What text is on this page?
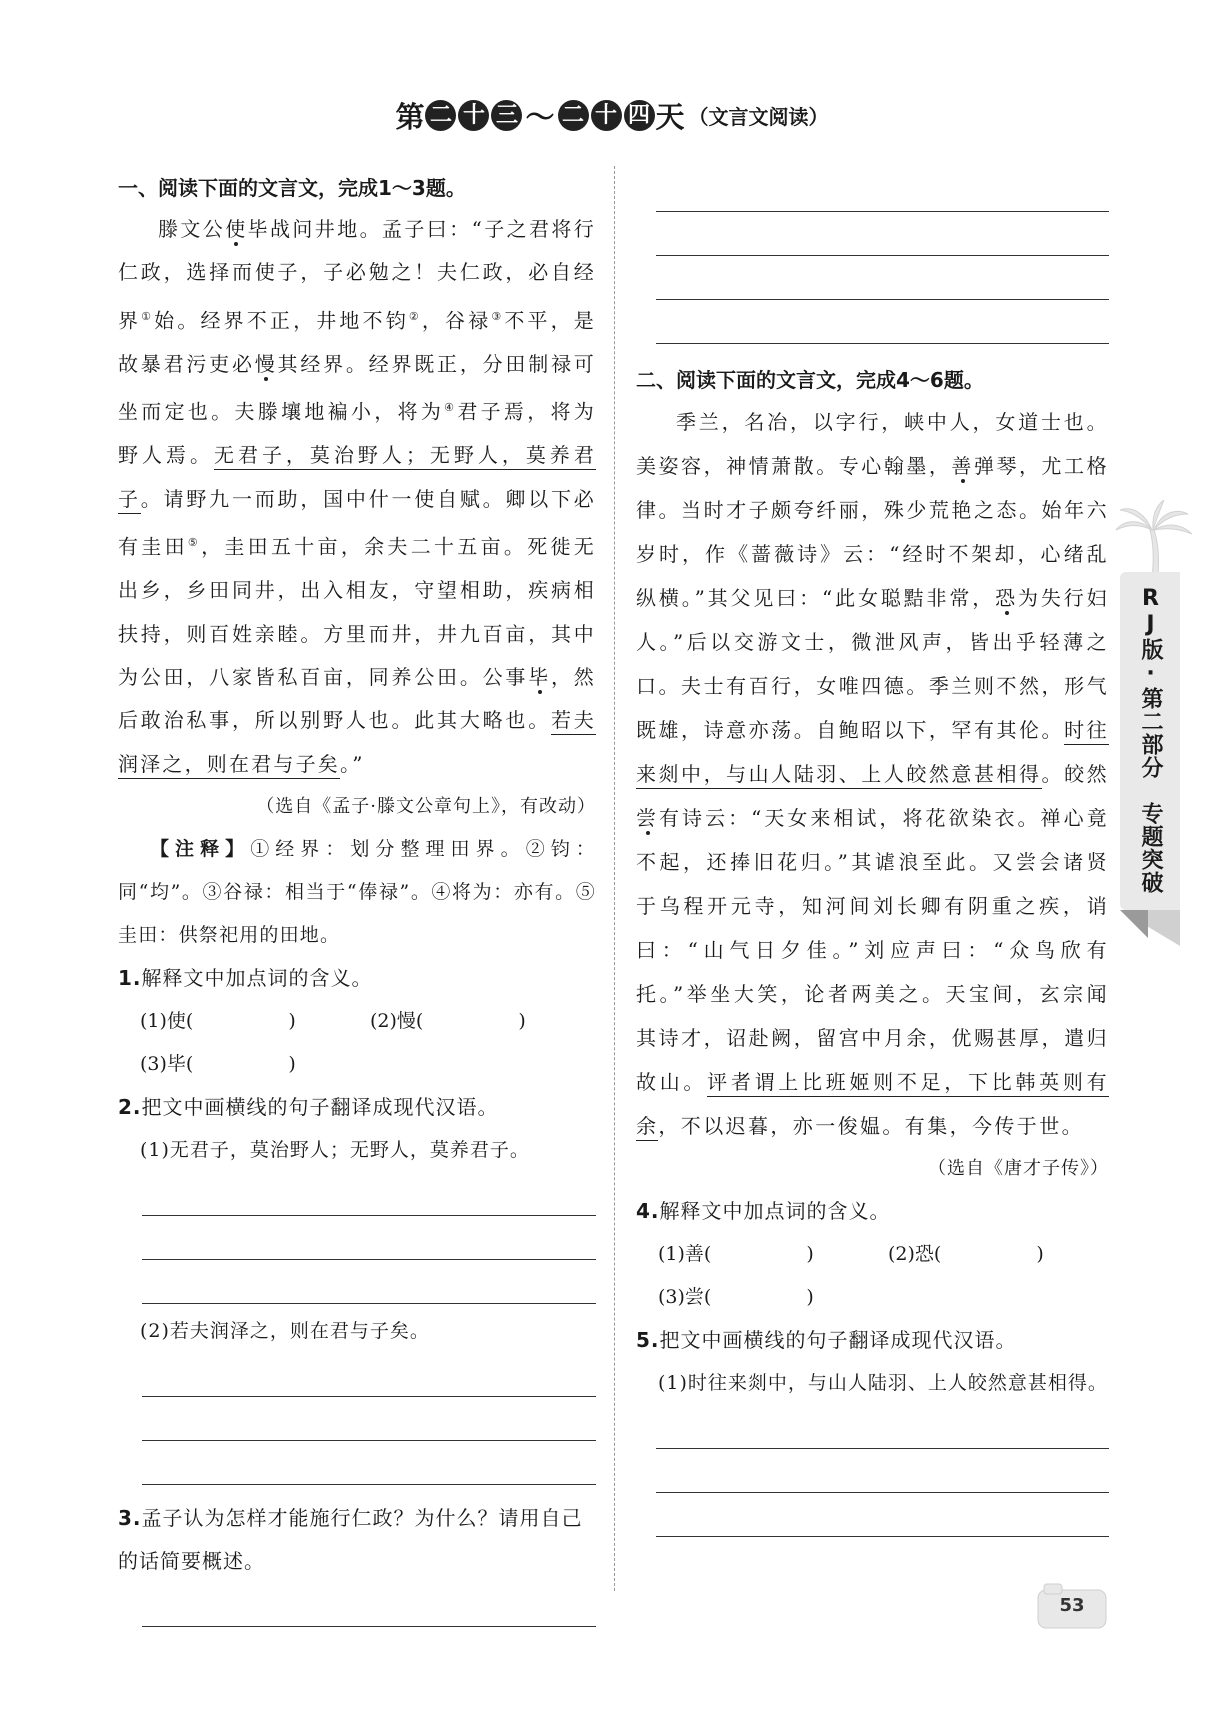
第 二 十 三 ～ 二 十 四 天 （文言文阅读）
一、阅读下面的文言文，完成1～3题。

滕文公使毕战问井地。孟子曰：“子之君将行仁政，选择而使子，子必勉之！夫仁政，必自经界①始。经界不正，井地不钧②，谷禄③不平，是故暴君污吏必慢其经界。经界既正，分田制禄可坐而定也。夫滕壤地褊小，将为④君子焉，将为野人焉。无君子，莫治野人；无野人，莫养君子。请野九一而助，国中什一使自赋。卿以下必有圭田⑤，圭田五十亩，余夫二十五亩。死徙无出乡，乡田同井，出入相友，守望相助，疾病相扶持，则百姓亲睦。方里而井，井九百亩，其中为公田，八家皆私百亩，同养公田。公事毕，然后敢治私事，所以别野人也。此其大略也。若夫润泽之，则在君与子矣。”

（选自《孟子·滕文公章句上》，有改动）
【注释】①经界：划分整理田界。②钧：同“均”。③谷禄：相当于“俸禄”。④将为：亦有。⑤圭田：供祭祀用的田地。
1.解释文中加点词的含义。
(1)使(　　　　　)	(2)慢(　　　　　)
(3)毕(　　　　　)
2.把文中画横线的句子翻译成现代汉语。
(1)无君子，莫治野人；无野人，莫养君子。
(2)若夫润泽之，则在君与子矣。
3.孟子认为怎样才能施行仁政？为什么？请用自己的话简要概述。
二、阅读下面的文言文，完成4～6题。

季兰，名冶，以字行，峡中人，女道士也。美姿容，神情萧散。专心翰墨，善弹琴，尤工格律。当时才子颇夸纤丽，殊少荒艳之态。始年六岁时，作《蔷薇诗》云：“经时不架却，心绪乱纵横。”其父见曰：“此女聪黠非常，恐为失行妇人。”后以交游文士，微泄风声，皆出乎轻薄之口。夫士有百行，女唯四德。季兰则不然，形气既雄，诗意亦荡。自鲍昭以下，罕有其伦。时往来剡中，与山人陆羽、上人皎然意甚相得。皎然尝有诗云：“天女来相试，将花欲染衣。禅心竟不起，还捧旧花归。”其谑浪至此。又尝会诸贤于乌程开元寺，知河间刘长卿有阴重之疾，诮曰：“山气日夕佳。”刘应声曰：“众鸟欣有托。”举坐大笑，论者两美之。天宝间，玄宗闻其诗才，诏赴阙，留宫中月余，优赐甚厚，遣归故山。评者谓上比班姬则不足，下比韩英则有余，不以迟暮，亦一俊媪。有集，今传于世。

（选自《唐才子传》）
4.解释文中加点词的含义。
(1)善(　　　　　)	(2)恐(　　　　　)
(3)尝(　　　　　)
5.把文中画横线的句子翻译成现代汉语。
(1)时往来剡中，与山人陆羽、上人皎然意甚相得。
RJ版·第二部分　专题突破
53
